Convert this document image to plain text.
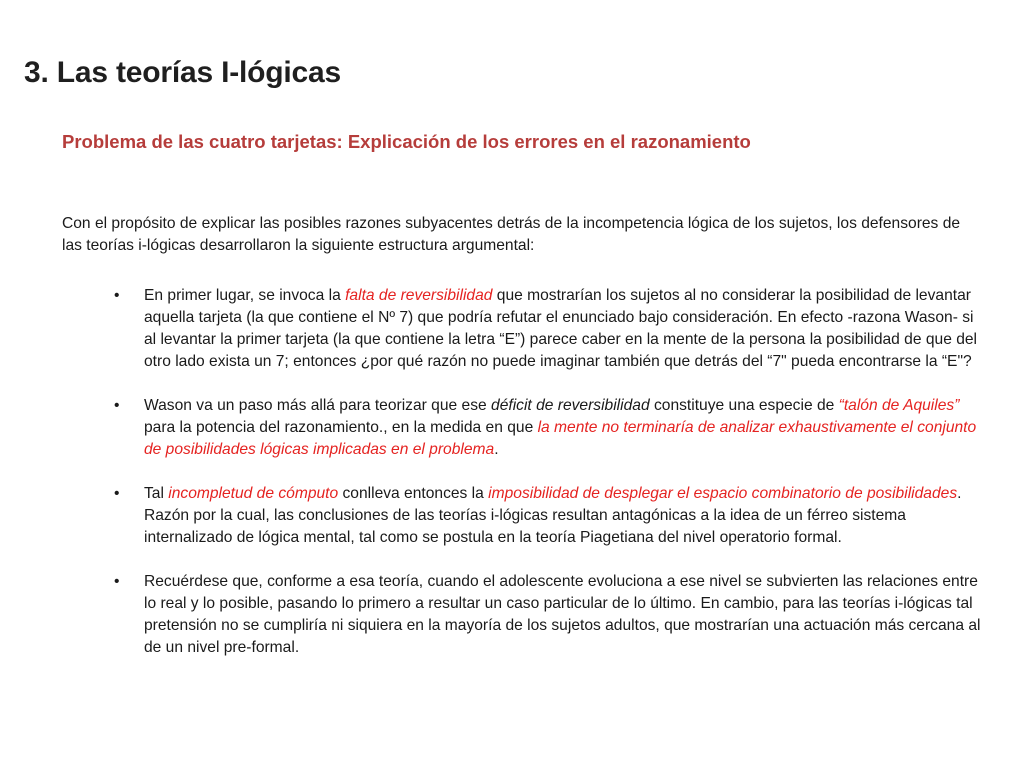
3. Las teorías I-lógicas
Problema de las cuatro tarjetas: Explicación de los errores en el razonamiento
Con el propósito de explicar las posibles razones subyacentes detrás de la incompetencia lógica de los sujetos, los defensores de las teorías i-lógicas desarrollaron la siguiente estructura argumental:
• En primer lugar, se invoca la falta de reversibilidad que mostrarían los sujetos al no considerar la posibilidad de levantar aquella tarjeta (la que contiene el Nº 7) que podría refutar el enunciado bajo consideración. En efecto -razona Wason- si al levantar la primer tarjeta (la que contiene la letra “E”) parece caber en la mente de la persona la posibilidad de que del otro lado exista un 7; entonces ¿por qué razón no puede imaginar también que detrás del “7" pueda encontrarse la “E"?
• Wason va un paso más allá para teorizar que ese déficit de reversibilidad constituye una especie de “talón de Aquiles” para la potencia del razonamiento., en la medida en que la mente no terminaría de analizar exhaustivamente el conjunto de posibilidades lógicas implicadas en el problema.
• Tal incompletud de cómputo conlleva entonces la imposibilidad de desplegar el espacio combinatorio de posibilidades. Razón por la cual, las conclusiones de las teorías i-lógicas resultan antagónicas a la idea de un férreo sistema internalizado de lógica mental, tal como se postula en la teoría Piagetiana del nivel operatorio formal.
• Recuérdese que, conforme a esa teoría, cuando el adolescente evoluciona a ese nivel se subvierten las relaciones entre lo real y lo posible, pasando lo primero a resultar un caso particular de lo último. En cambio, para las teorías i-lógicas tal pretensión no se cumpliría ni siquiera en la mayoría de los sujetos adultos, que mostrarían una actuación más cercana al de un nivel pre-formal.
